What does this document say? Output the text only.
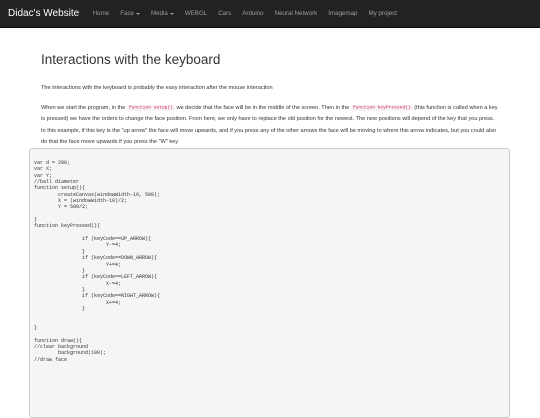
Didac's Website	Home Face	Media	WEBGL Cars Arduino Neural Network Imagemap My project
Interactions with the keyboard

The interactions with the keyboard is probably the easy interaction after the mouse interaction

When we start the program, in the function setup() we decide that the face will be in the middle of the screen. Then in the function keyPressed() (this function is called when a key is pressed) we have the orders to change the face position. From here, we only have to replace the old position for the newest. The new positions will depend of the key that you press. In this example, if this key is the "up arrow" the face will move upwards, and if you press any of the other arrows the face will be moving to where this arrow indicates, but you could also do that the face move upwards if you press the "W" key

var d = 200;
var X;
var Y;
//ball diameter
function setup(){
createCanvas(windowWidth-10, 500);
X = (windowWidth-10)/2;
Y = 500/2;

}
function keyPressed(){

if (keyCode==UP_ARROW){
Y-=4;
}
if (keyCode==DOWN_ARROW){
Y+=4;
}
if (keyCode==LEFT_ARROW){
X-=4;
}
if (keyCode==RIGHT_ARROW){
X+=4;
}

}

function draw(){
//clear background
background(100);
//draw face
